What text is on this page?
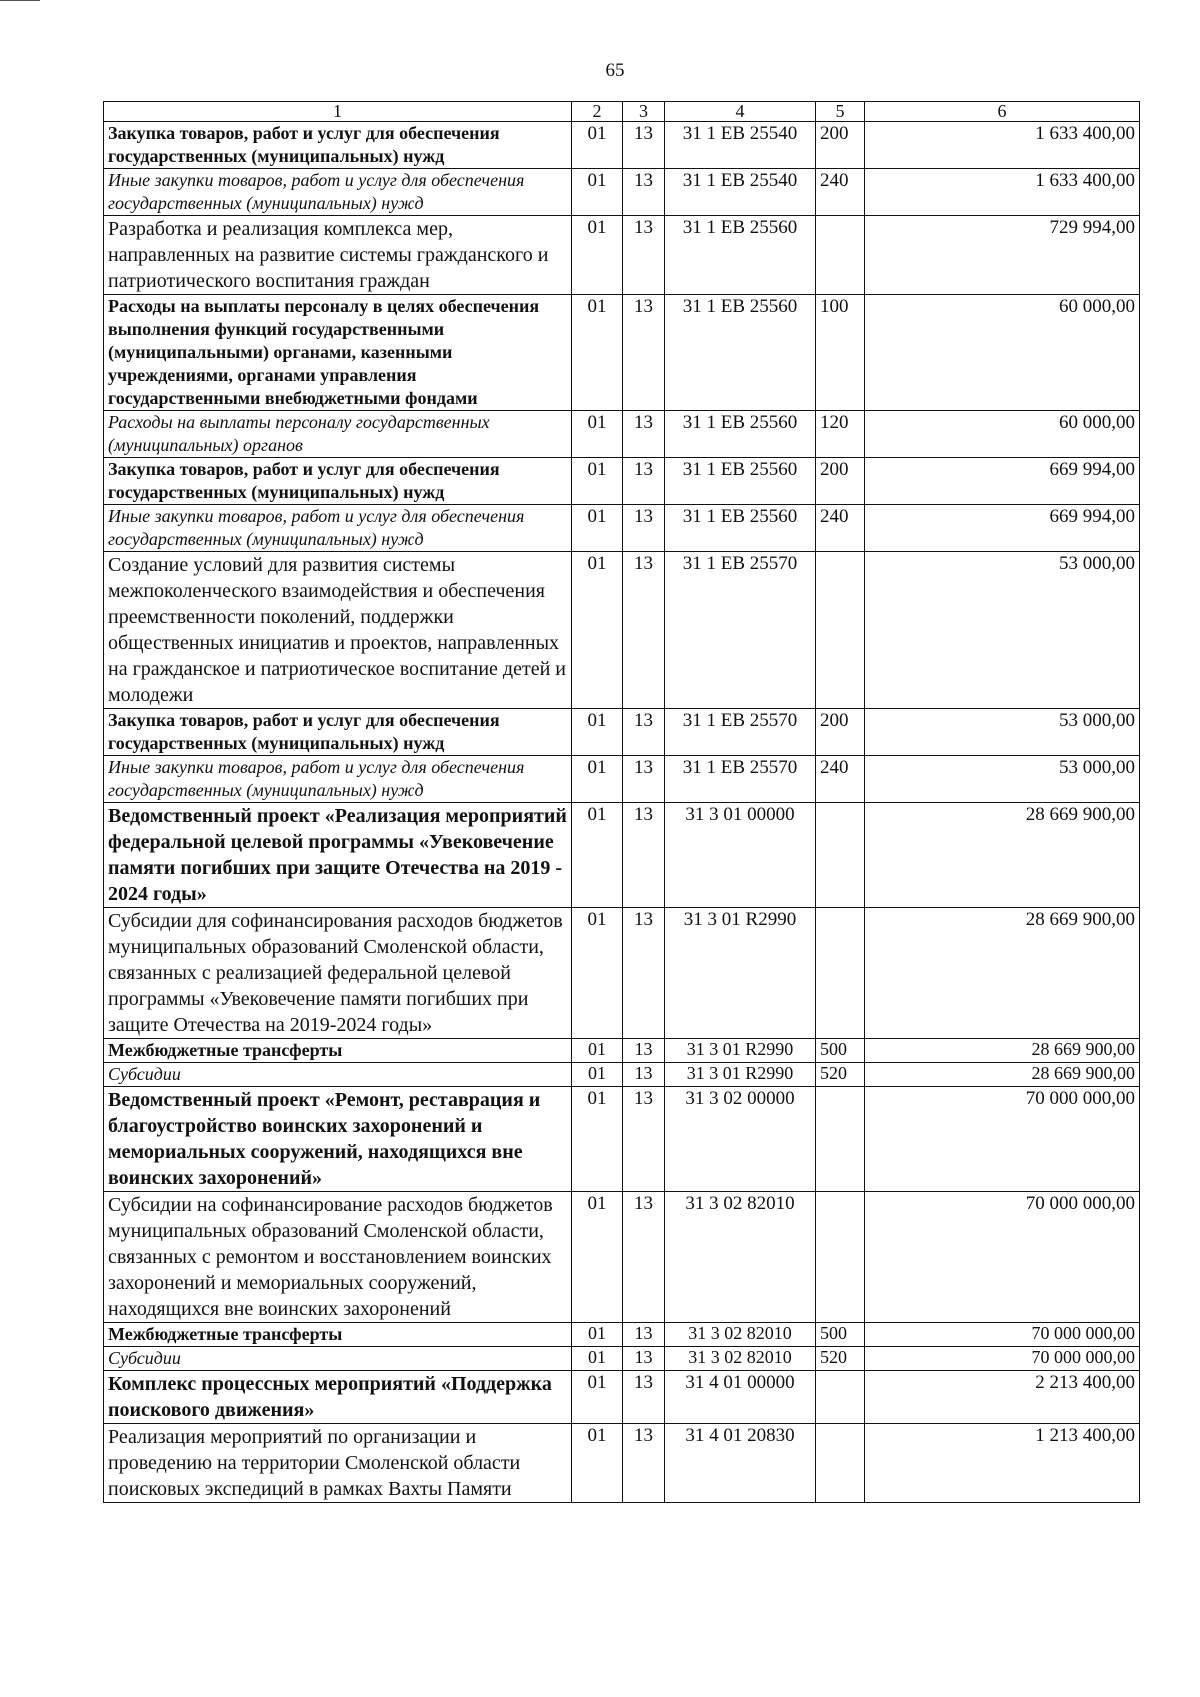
65
1	2	3	4	5	6
Закупка товаров, работ и услуг для обеспечения государственных (муниципальных) нужд	01	13	31 1 ЕВ 25540	200	1 633 400,00
Иные закупки товаров, работ и услуг для обеспечения государственных (муниципальных) нужд	01	13	31 1 ЕВ 25540	240	1 633 400,00
Разработка и реализация комплекса мер, направленных на развитие системы гражданского и патриотического воспитания граждан	01	13	31 1 ЕВ 25560		729 994,00
Расходы на выплаты персоналу в целях обеспечения выполнения функций государственными (муниципальными) органами, казенными учреждениями, органами управления государственными внебюджетными фондами	01	13	31 1 ЕВ 25560	100	60 000,00
Расходы на выплаты персоналу государственных (муниципальных) органов	01	13	31 1 ЕВ 25560	120	60 000,00
Закупка товаров, работ и услуг для обеспечения государственных (муниципальных) нужд	01	13	31 1 ЕВ 25560	200	669 994,00
Иные закупки товаров, работ и услуг для обеспечения государственных (муниципальных) нужд	01	13	31 1 ЕВ 25560	240	669 994,00
Создание условий для развития системы межпоколенческого взаимодействия и обеспечения преемственности поколений, поддержки общественных инициатив и проектов, направленных на гражданское и патриотическое воспитание детей и молодежи	01	13	31 1 ЕВ 25570		53 000,00
Закупка товаров, работ и услуг для обеспечения государственных (муниципальных) нужд	01	13	31 1 ЕВ 25570	200	53 000,00
Иные закупки товаров, работ и услуг для обеспечения государственных (муниципальных) нужд	01	13	31 1 ЕВ 25570	240	53 000,00
Ведомственный проект «Реализация мероприятий федеральной целевой программы «Увековечение памяти погибших при защите Отечества на 2019 - 2024 годы»	01	13	31 3 01 00000		28 669 900,00
Субсидии для софинансирования расходов бюджетов муниципальных образований Смоленской области, связанных с реализацией федеральной целевой программы «Увековечение памяти погибших при защите Отечества на 2019-2024 годы»	01	13	31 3 01 R2990		28 669 900,00
Межбюджетные трансферты	01	13	31 3 01 R2990	500	28 669 900,00
Субсидии	01	13	31 3 01 R2990	520	28 669 900,00
Ведомственный проект «Ремонт, реставрация и благоустройство воинских захоронений и мемориальных сооружений, находящихся вне воинских захоронений»	01	13	31 3 02 00000		70 000 000,00
Субсидии на софинансирование расходов бюджетов муниципальных образований Смоленской области, связанных с ремонтом и восстановлением воинских захоронений и мемориальных сооружений, находящихся вне воинских захоронений	01	13	31 3 02 82010		70 000 000,00
Межбюджетные трансферты	01	13	31 3 02 82010	500	70 000 000,00
Субсидии	01	13	31 3 02 82010	520	70 000 000,00
Комплекс процессных мероприятий «Поддержка поискового движения»	01	13	31 4 01 00000		2 213 400,00
Реализация мероприятий по организации и проведению на территории Смоленской области поисковых экспедиций в рамках Вахты Памяти	01	13	31 4 01 20830		1 213 400,00
